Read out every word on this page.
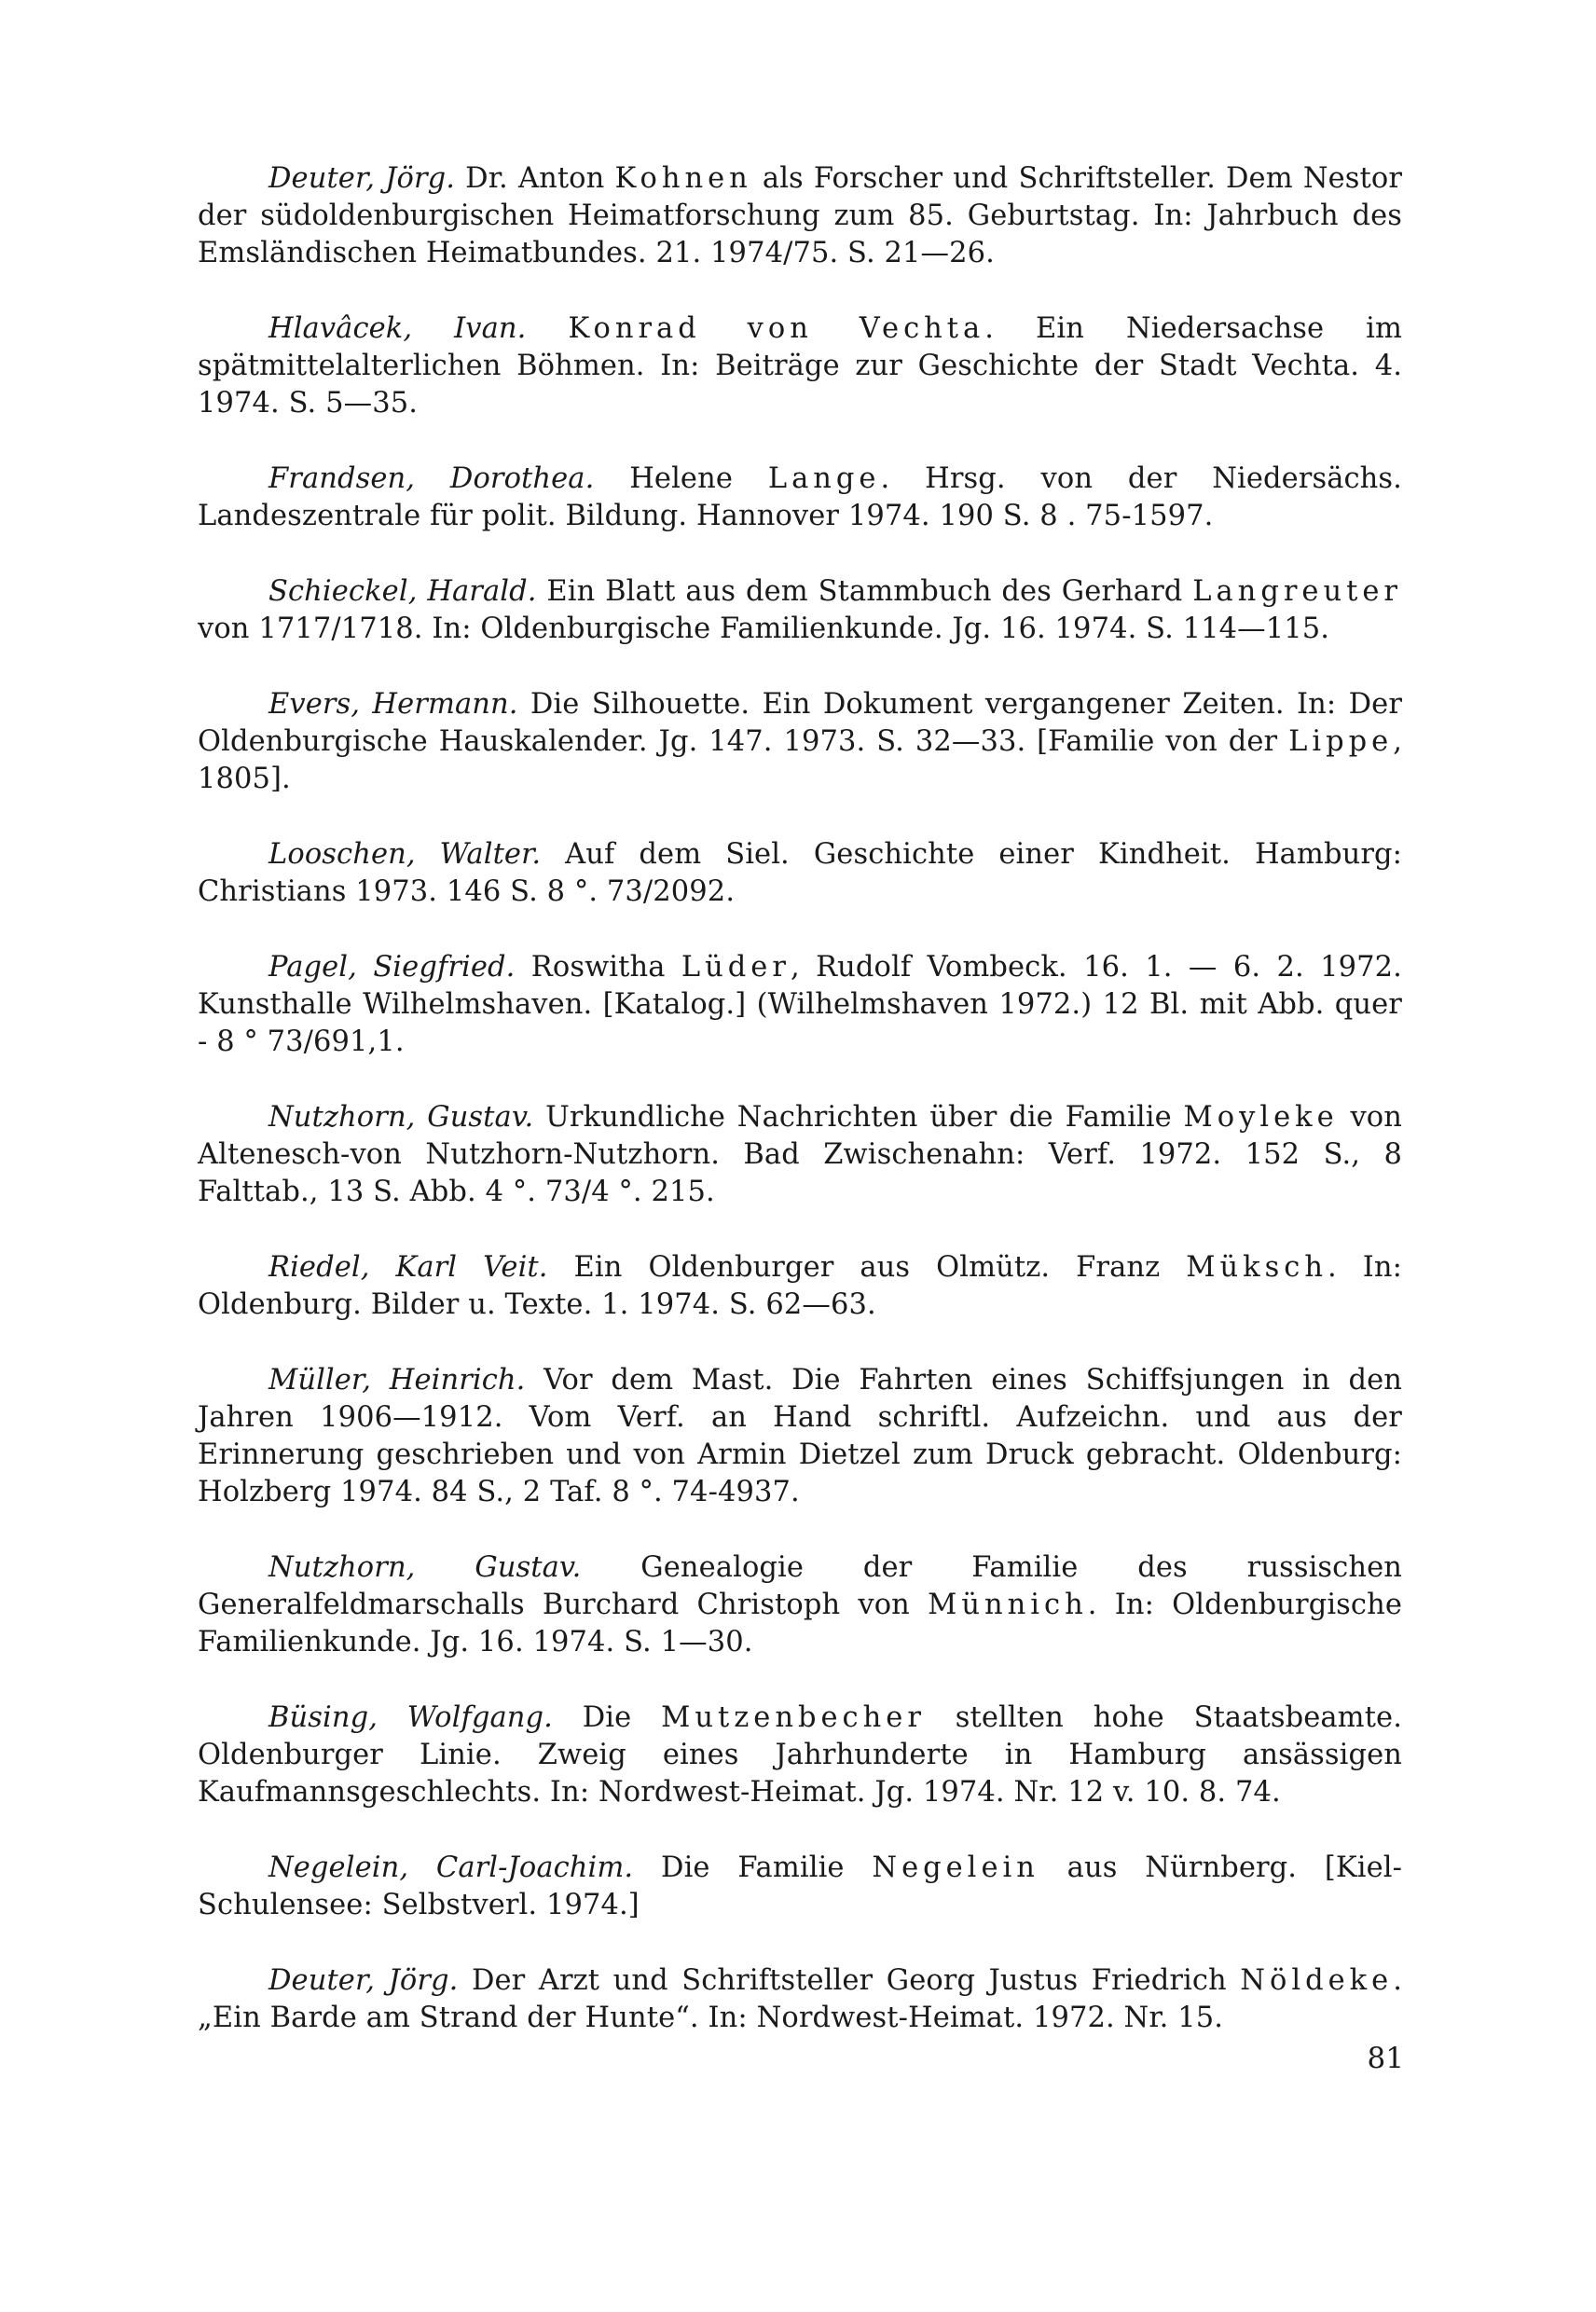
Deuter, Jörg. Dr. Anton Kohnen als Forscher und Schriftsteller. Dem Nestor der südoldenburgischen Heimatforschung zum 85. Geburtstag. In: Jahrbuch des Emsländischen Heimatbundes. 21. 1974/75. S. 21—26.

Hlavâcek, Ivan. Konrad von Vechta. Ein Niedersachse im spätmittelalterlichen Böhmen. In: Beiträge zur Geschichte der Stadt Vechta. 4. 1974. S. 5—35.

Frandsen, Dorothea. Helene Lange. Hrsg. von der Niedersächs. Landeszentrale für polit. Bildung. Hannover 1974. 190 S. 8 . 75-1597.

Schieckel, Harald. Ein Blatt aus dem Stammbuch des Gerhard Langreuter von 1717/1718. In: Oldenburgische Familienkunde. Jg. 16. 1974. S. 114—115.

Evers, Hermann. Die Silhouette. Ein Dokument vergangener Zeiten. In: Der Oldenburgische Hauskalender. Jg. 147. 1973. S. 32—33. [Familie von der Lippe, 1805].

Looschen, Walter. Auf dem Siel. Geschichte einer Kindheit. Hamburg: Christians 1973. 146 S. 8 °. 73/2092.

Pagel, Siegfried. Roswitha Lüder, Rudolf Vombeck. 16. 1. — 6. 2. 1972. Kunsthalle Wilhelmshaven. [Katalog.] (Wilhelmshaven 1972.) 12 Bl. mit Abb. quer - 8 ° 73/691,1.

Nutzhorn, Gustav. Urkundliche Nachrichten über die Familie Moyleke von Altenesch-von Nutzhorn-Nutzhorn. Bad Zwischenahn: Verf. 1972. 152 S., 8 Falttab., 13 S. Abb. 4 °. 73/4 °. 215.

Riedel, Karl Veit. Ein Oldenburger aus Olmütz. Franz Müksch. In: Oldenburg. Bilder u. Texte. 1. 1974. S. 62—63.

Müller, Heinrich. Vor dem Mast. Die Fahrten eines Schiffsjungen in den Jahren 1906—1912. Vom Verf. an Hand schriftl. Aufzeichn. und aus der Erinnerung geschrieben und von Armin Dietzel zum Druck gebracht. Oldenburg: Holzberg 1974. 84 S., 2 Taf. 8 °. 74-4937.

Nutzhorn, Gustav. Genealogie der Familie des russischen Generalfeldmarschalls Burchard Christoph von Münnich. In: Oldenburgische Familienkunde. Jg. 16. 1974. S. 1—30.

Büsing, Wolfgang. Die Mutzenbecher stellten hohe Staatsbeamte. Oldenburger Linie. Zweig eines Jahrhunderte in Hamburg ansässigen Kaufmannsgeschlechts. In: Nordwest-Heimat. Jg. 1974. Nr. 12 v. 10. 8. 74.

Negelein, Carl-Joachim. Die Familie Negelein aus Nürnberg. [Kiel-Schulensee: Selbstverl. 1974.]

Deuter, Jörg. Der Arzt und Schriftsteller Georg Justus Friedrich Nöldeke. „Ein Barde am Strand der Hunte“. In: Nordwest-Heimat. 1972. Nr. 15.

81
